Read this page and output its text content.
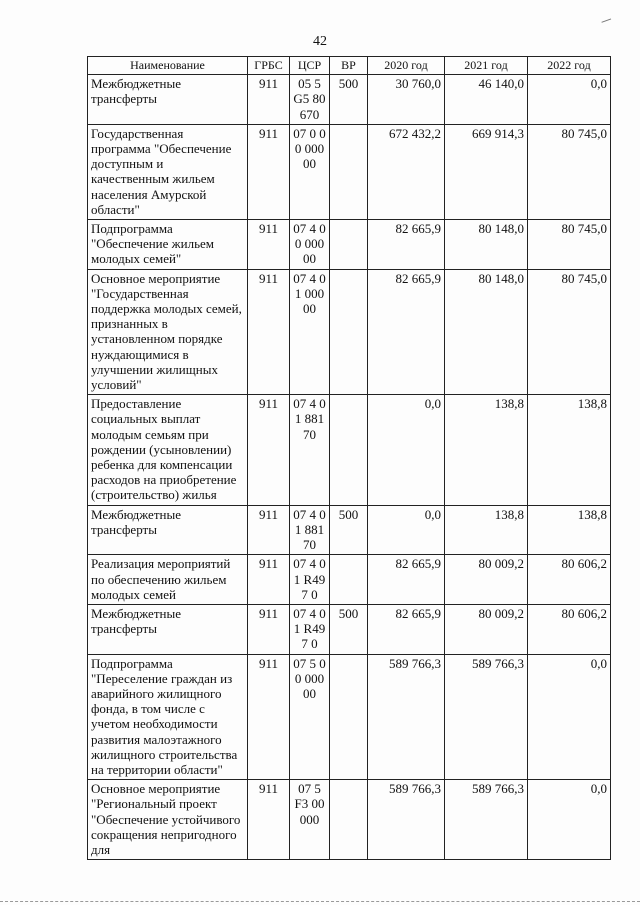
42
Наименование	ГРБС	ЦСР	ВР	2020 год	2021 год	2022 год
Межбюджетные трансферты	911	05 5 G5 80670	500	30 760,0	46 140,0	0,0
Государственная программа "Обеспечение доступным и качественным жильем населения Амурской области"	911	07 0 00 00000		672 432,2	669 914,3	80 745,0
Подпрограмма "Обеспечение жильем молодых семей"	911	07 4 00 00000		82 665,9	80 148,0	80 745,0
Основное мероприятие "Государственная поддержка молодых семей, признанных в установленном порядке нуждающимися в улучшении жилищных условий"	911	07 4 01 00000		82 665,9	80 148,0	80 745,0
Предоставление социальных выплат молодым семьям при рождении (усыновлении) ребенка для компенсации расходов на приобретение (строительство) жилья	911	07 4 01 88170		0,0	138,8	138,8
Межбюджетные трансферты	911	07 4 01 88170	500	0,0	138,8	138,8
Реализация мероприятий по обеспечению жильем молодых семей	911	07 4 01 R497 0		82 665,9	80 009,2	80 606,2
Межбюджетные трансферты	911	07 4 01 R497 0	500	82 665,9	80 009,2	80 606,2
Подпрограмма "Переселение граждан из аварийного жилищного фонда, в том числе с учетом необходимости развития малоэтажного жилищного строительства на территории области"	911	07 5 00 00000		589 766,3	589 766,3	0,0
Основное мероприятие "Региональный проект "Обеспечение устойчивого сокращения непригодного для	911	07 5 F3 00000		589 766,3	589 766,3	0,0
